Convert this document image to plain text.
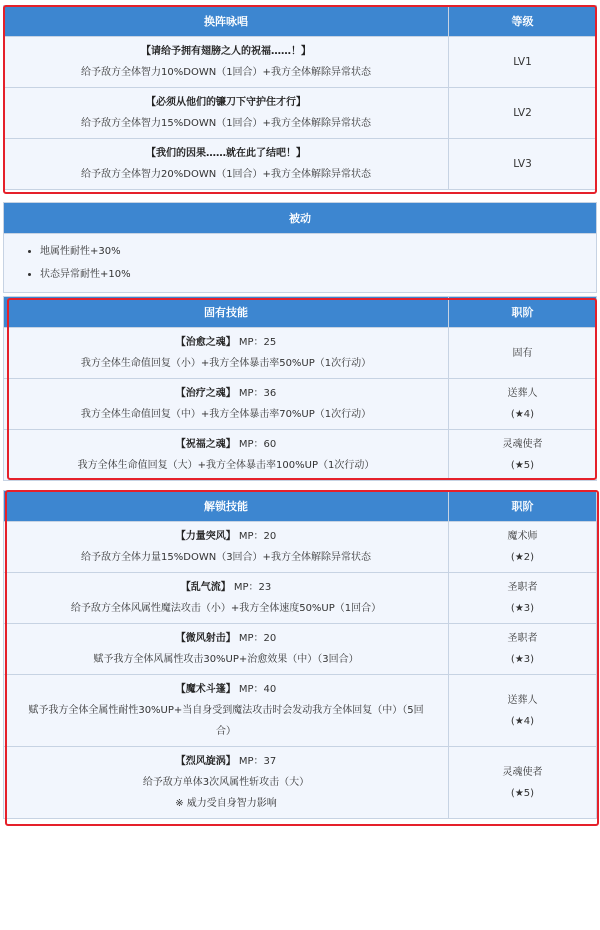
换阵咏唱	等级

【请给予拥有翅膀之人的祝福……！】
给予敌方全体智力10%DOWN（1回合）+我方全体解除异常状态	LV1

【必须从他们的镰刀下守护住才行】
给予敌方全体智力15%DOWN（1回合）+我方全体解除异常状态	LV2

【我们的因果……就在此了结吧！】
给予敌方全体智力20%DOWN（1回合）+我方全体解除异常状态	LV3
被动
• 地属性耐性+30%
• 状态异常耐性+10%
固有技能	职阶

【治愈之魂】 MP：25
我方全体生命值回复（小）+我方全体暴击率50%UP（1次行动）	固有

【治疗之魂】 MP：36
我方全体生命值回复（中）+我方全体暴击率70%UP（1次行动）	送葬人
(★4)

【祝福之魂】 MP：60
我方全体生命值回复（大）+我方全体暴击率100%UP（1次行动）	灵魂使者
(★5)
解锁技能	职阶

【力量突风】 MP：20
给予敌方全体力量15%DOWN（3回合）+我方全体解除异常状态	魔术师
(★2)

【乱气流】 MP：23
给予敌方全体风属性魔法攻击（小）+我方全体速度50%UP（1回合）	圣职者
(★3)

【微风射击】 MP：20
赋予我方全体风属性攻击30%UP+治愈效果（中）（3回合）	圣职者
(★3)

【魔术斗篷】 MP：40
赋予我方全体全属性耐性30%UP+当自身受到魔法攻击时会发动我方全体回复（中）（5回
合）	送葬人
(★4)

【烈风旋涡】 MP：37
给予敌方单体3次风属性斩攻击（大）
※ 威力受自身智力影响	灵魂使者
(★5)
